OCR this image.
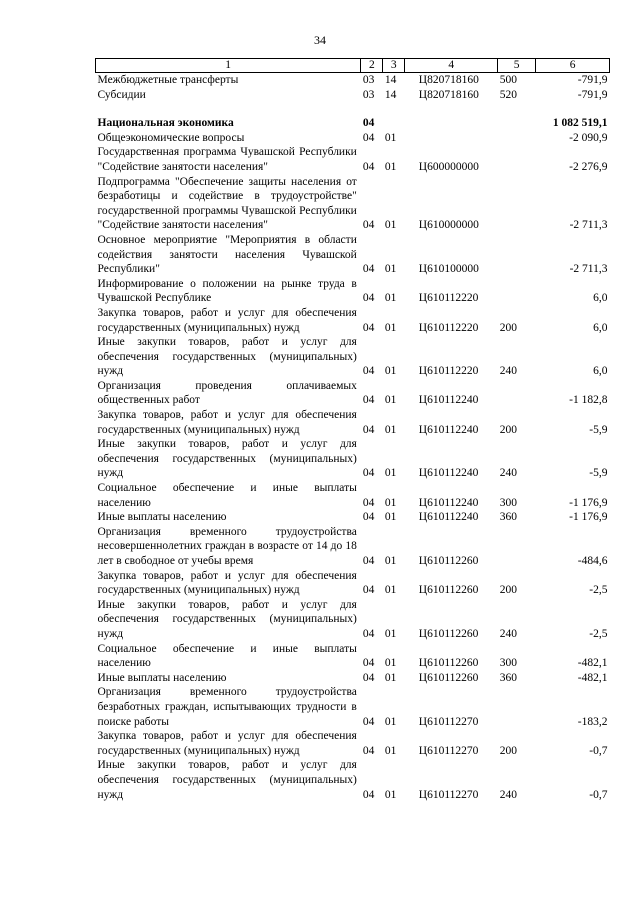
34
1	2	3	4	5	6
Межбюджетные трансферты	03	14	Ц820718160	500	-791,9
Субсидии	03	14	Ц820718160	520	-791,9

Национальная экономика	04				1 082 519,1
Общеэкономические вопросы	04	01			-2 090,9
Государственная программа Чувашской Республики "Содействие занятости населения"	04	01	Ц600000000		-2 276,9
Подпрограмма "Обеспечение защиты населения от безработицы и содействие в трудоустройстве" государственной программы Чувашской Республики "Содействие занятости населения"	04	01	Ц610000000		-2 711,3
Основное мероприятие "Мероприятия в области содействия занятости населения Чувашской Республики"	04	01	Ц610100000		-2 711,3
Информирование о положении на рынке труда в Чувашской Республике	04	01	Ц610112220		6,0
Закупка товаров, работ и услуг для обеспечения государственных (муниципальных) нужд	04	01	Ц610112220	200	6,0
Иные закупки товаров, работ и услуг для обеспечения государственных (муниципальных) нужд	04	01	Ц610112220	240	6,0
Организация проведения оплачиваемых общественных работ	04	01	Ц610112240		-1 182,8
Закупка товаров, работ и услуг для обеспечения государственных (муниципальных) нужд	04	01	Ц610112240	200	-5,9
Иные закупки товаров, работ и услуг для обеспечения государственных (муниципальных) нужд	04	01	Ц610112240	240	-5,9
Социальное обеспечение и иные выплаты населению	04	01	Ц610112240	300	-1 176,9
Иные выплаты населению	04	01	Ц610112240	360	-1 176,9
Организация временного трудоустройства несовершеннолетних граждан в возрасте от 14 до 18 лет в свободное от учебы время	04	01	Ц610112260		-484,6
Закупка товаров, работ и услуг для обеспечения государственных (муниципальных) нужд	04	01	Ц610112260	200	-2,5
Иные закупки товаров, работ и услуг для обеспечения государственных (муниципальных) нужд	04	01	Ц610112260	240	-2,5
Социальное обеспечение и иные выплаты населению	04	01	Ц610112260	300	-482,1
Иные выплаты населению	04	01	Ц610112260	360	-482,1
Организация временного трудоустройства безработных граждан, испытывающих трудности в поиске работы	04	01	Ц610112270		-183,2
Закупка товаров, работ и услуг для обеспечения государственных (муниципальных) нужд	04	01	Ц610112270	200	-0,7
Иные закупки товаров, работ и услуг для обеспечения государственных (муниципальных) нужд	04	01	Ц610112270	240	-0,7
